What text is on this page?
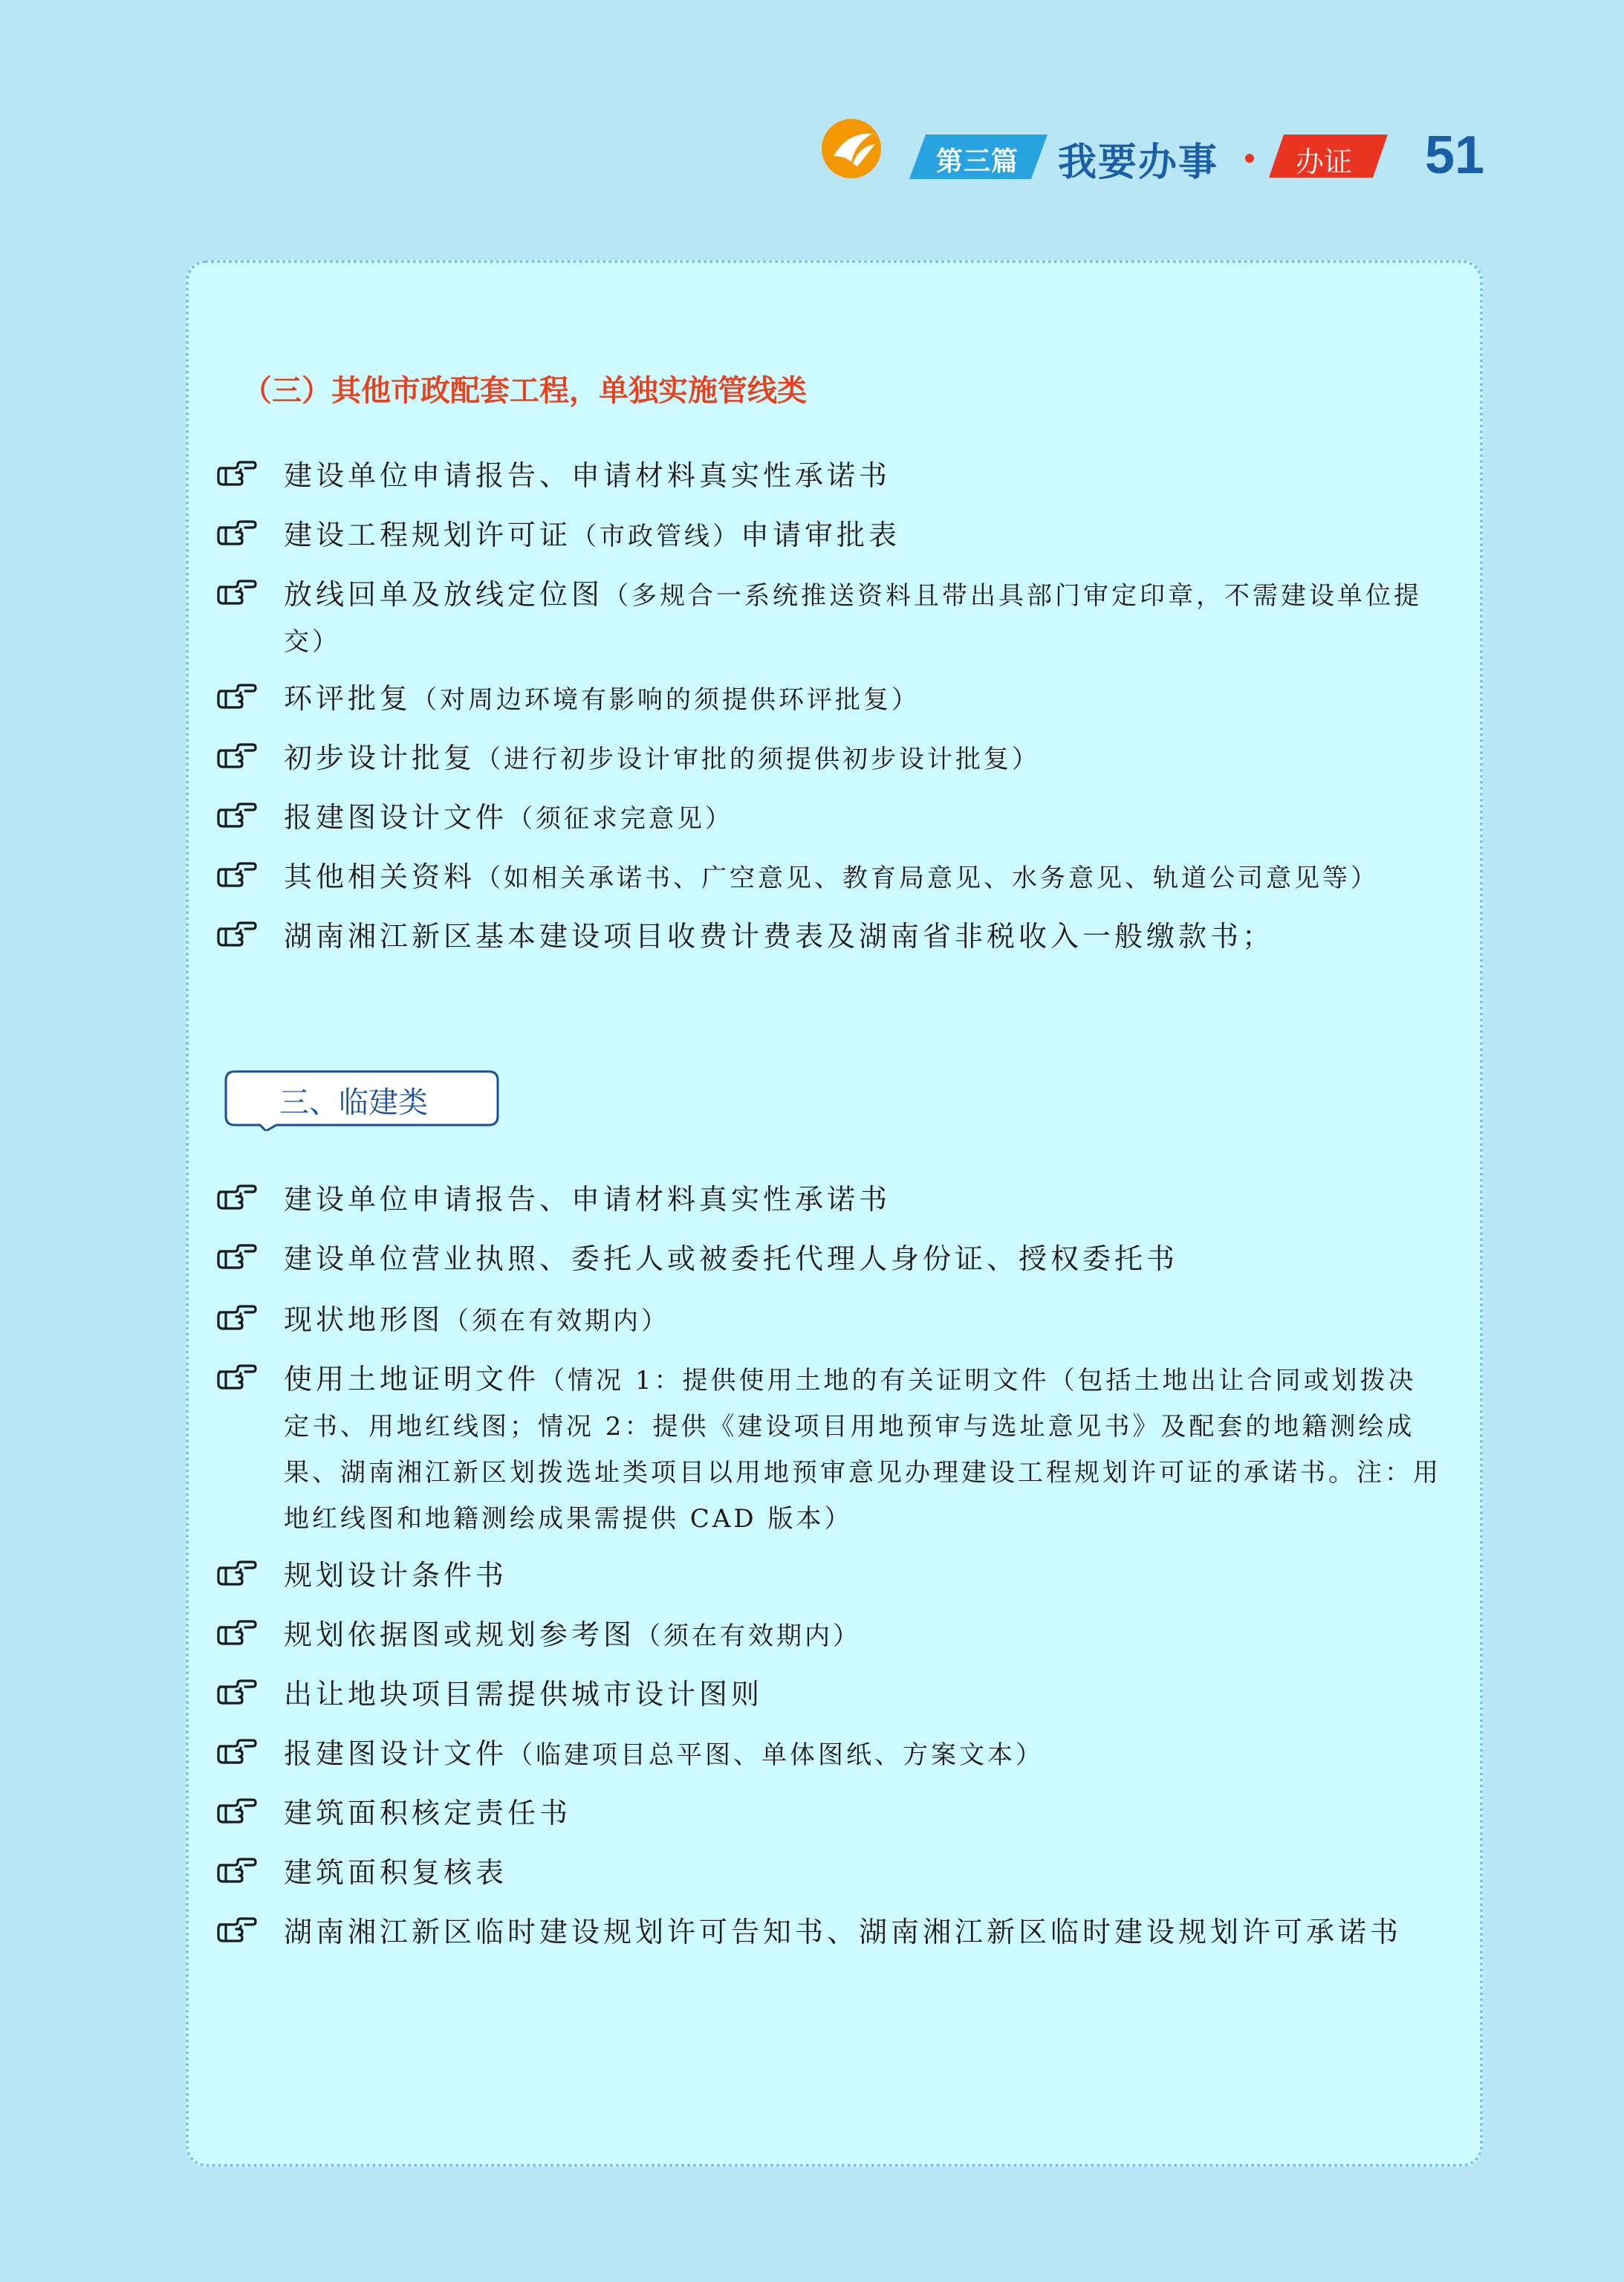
第三篇 我要办事	办证 51
（三）其他市政配套工程，单独实施管线类
建设单位申请报告、申请材料真实性承诺书
建设工程规划许可证（市政管线）申请审批表
放线回单及放线定位图（多规合一系统推送资料且带出具部门审定印章，不需建设单位提交）
环评批复（对周边环境有影响的须提供环评批复）
初步设计批复（进行初步设计审批的须提供初步设计批复）
报建图设计文件（须征求完意见）
其他相关资料（如相关承诺书、广空意见、教育局意见、水务意见、轨道公司意见等）
湖南湘江新区基本建设项目收费计费表及湖南省非税收入一般缴款书；
三、临建类
建设单位申请报告、申请材料真实性承诺书
建设单位营业执照、委托人或被委托代理人身份证、授权委托书
现状地形图（须在有效期内）
使用土地证明文件（情况 1：提供使用土地的有关证明文件（包括土地出让合同或划拨决定书、用地红线图；情况 2：提供《建设项目用地预审与选址意见书》及配套的地籍测绘成果、湖南湘江新区划拨选址类项目以用地预审意见办理建设工程规划许可证的承诺书。注：用地红线图和地籍测绘成果需提供 CAD 版本）
规划设计条件书
规划依据图或规划参考图（须在有效期内）
出让地块项目需提供城市设计图则
报建图设计文件（临建项目总平图、单体图纸、方案文本）
建筑面积核定责任书
建筑面积复核表
湖南湘江新区临时建设规划许可告知书、湖南湘江新区临时建设规划许可承诺书
